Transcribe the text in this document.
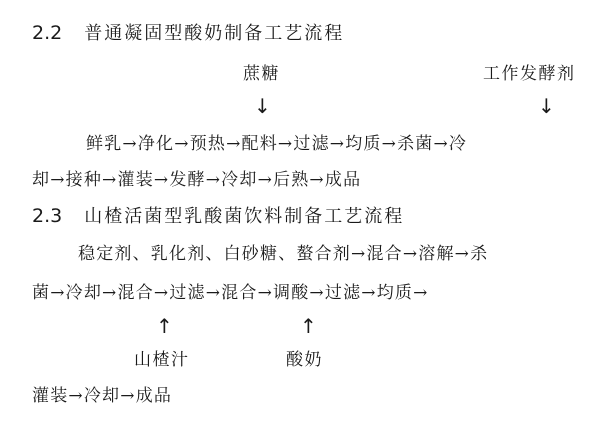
2.2 普通凝固型酸奶制备工艺流程
蔗糖	工作发酵剂
↓	↓
鲜乳→净化→预热→配料→过滤→均质→杀菌→冷
却→接种→灌装→发酵→冷却→后熟→成品
2.3 山楂活菌型乳酸菌饮料制备工艺流程
稳定剂、乳化剂、白砂糖、螯合剂→混合→溶解→杀
菌→冷却→混合→过滤→混合→调酸→过滤→均质→
↑	↑
山楂汁	酸奶
灌装→冷却→成品
